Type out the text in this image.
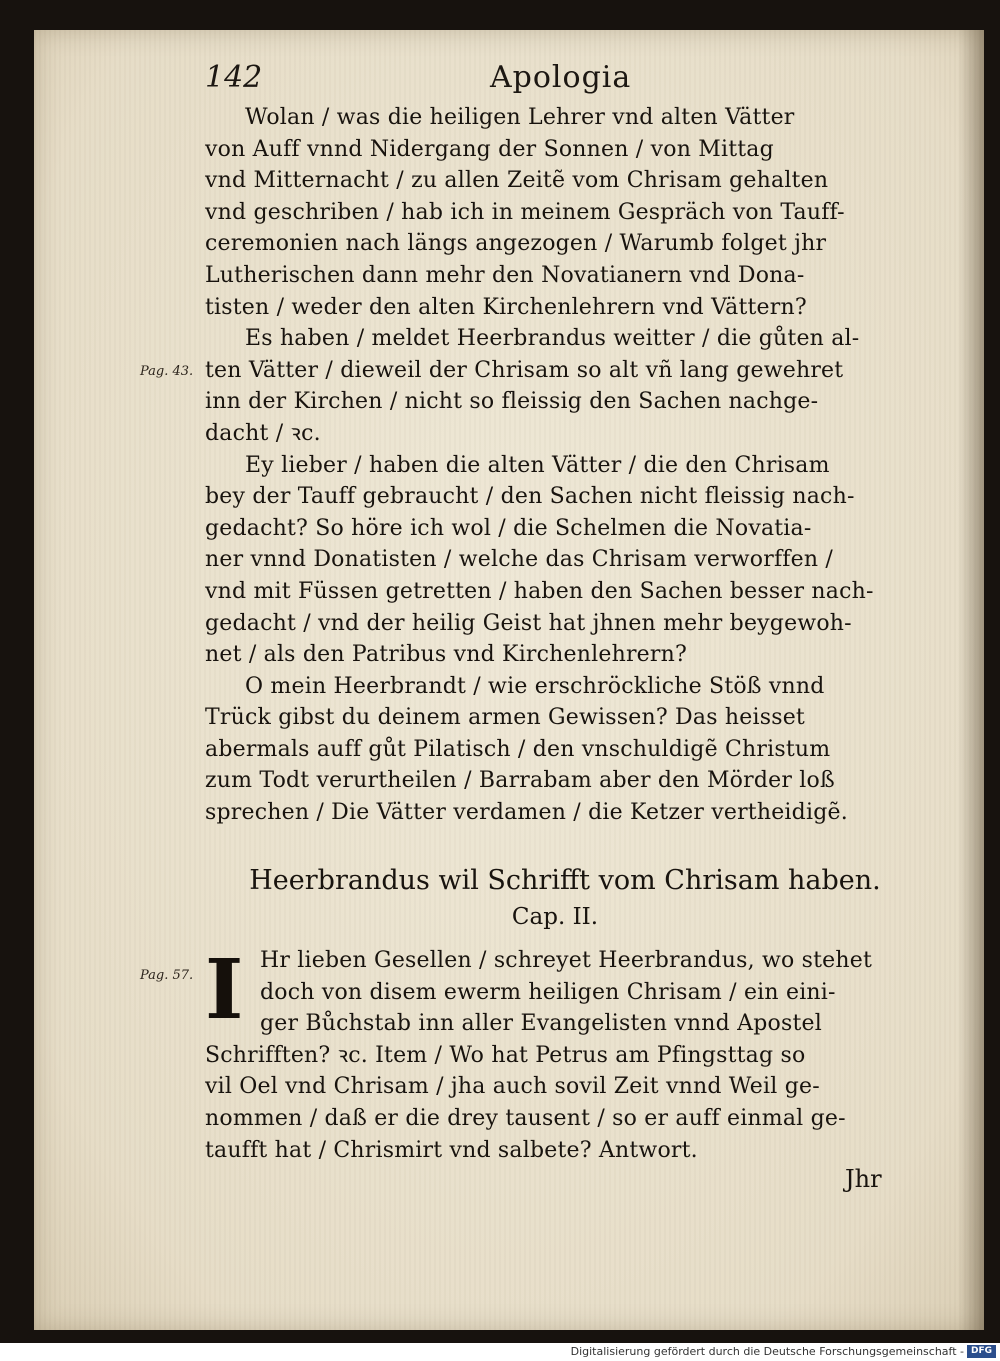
142	Apologia
Wolan / was die heiligen Lehrer vnd alten Vätter
von Auff vnnd Nidergang der Sonnen / von Mittag
vnd Mitternacht / zu allen Zeitẽ vom Chrisam gehalten
vnd geschriben / hab ich in meinem Gespräch von Tauff-
ceremonien nach längs angezogen / Warumb folget jhr
Lutherischen dann mehr den Novatianern vnd Dona-
tisten / weder den alten Kirchenlehrern vnd Vättern?
Es haben / meldet Heerbrandus weitter / die gůten al-
ten Vätter / dieweil der Chrisam so alt vñ lang gewehret
inn der Kirchen / nicht so fleissig den Sachen nachge-
dacht / ꝛc.
Ey lieber / haben die alten Vätter / die den Chrisam
bey der Tauff gebraucht / den Sachen nicht fleissig nach-
gedacht? So höre ich wol / die Schelmen die Novatia-
ner vnnd Donatisten / welche das Chrisam verworffen /
vnd mit Füssen getretten / haben den Sachen besser nach-
gedacht / vnd der heilig Geist hat jhnen mehr beygewoh-
net / als den Patribus vnd Kirchenlehrern?
O mein Heerbrandt / wie erschröckliche Stöß vnnd
Trück gibst du deinem armen Gewissen? Das heisset
abermals auff gůt Pilatisch / den vnschuldigẽ Christum
zum Todt verurtheilen / Barrabam aber den Mörder loß
sprechen / Die Vätter verdamen / die Ketzer vertheidigẽ.
Pag. 43.
Pag. 57.
Heerbrandus wil Schrifft vom Chrisam haben.
Cap. II.
I Hr lieben Gesellen / schreyet Heerbrandus, wo stehet
doch von disem ewerm heiligen Chrisam / ein eini-
ger Bůchstab inn aller Evangelisten vnnd Apostel
Schrifften? ꝛc. Item / Wo hat Petrus am Pfingsttag so
vil Oel vnd Chrisam / jha auch sovil Zeit vnnd Weil ge-
nommen / daß er die drey tausent / so er auff einmal ge-
taufft hat / Chrismirt vnd salbete? Antwort.
Jhr
Digitalisierung gefördert durch die Deutsche Forschungsgemeinschaft - DFG
